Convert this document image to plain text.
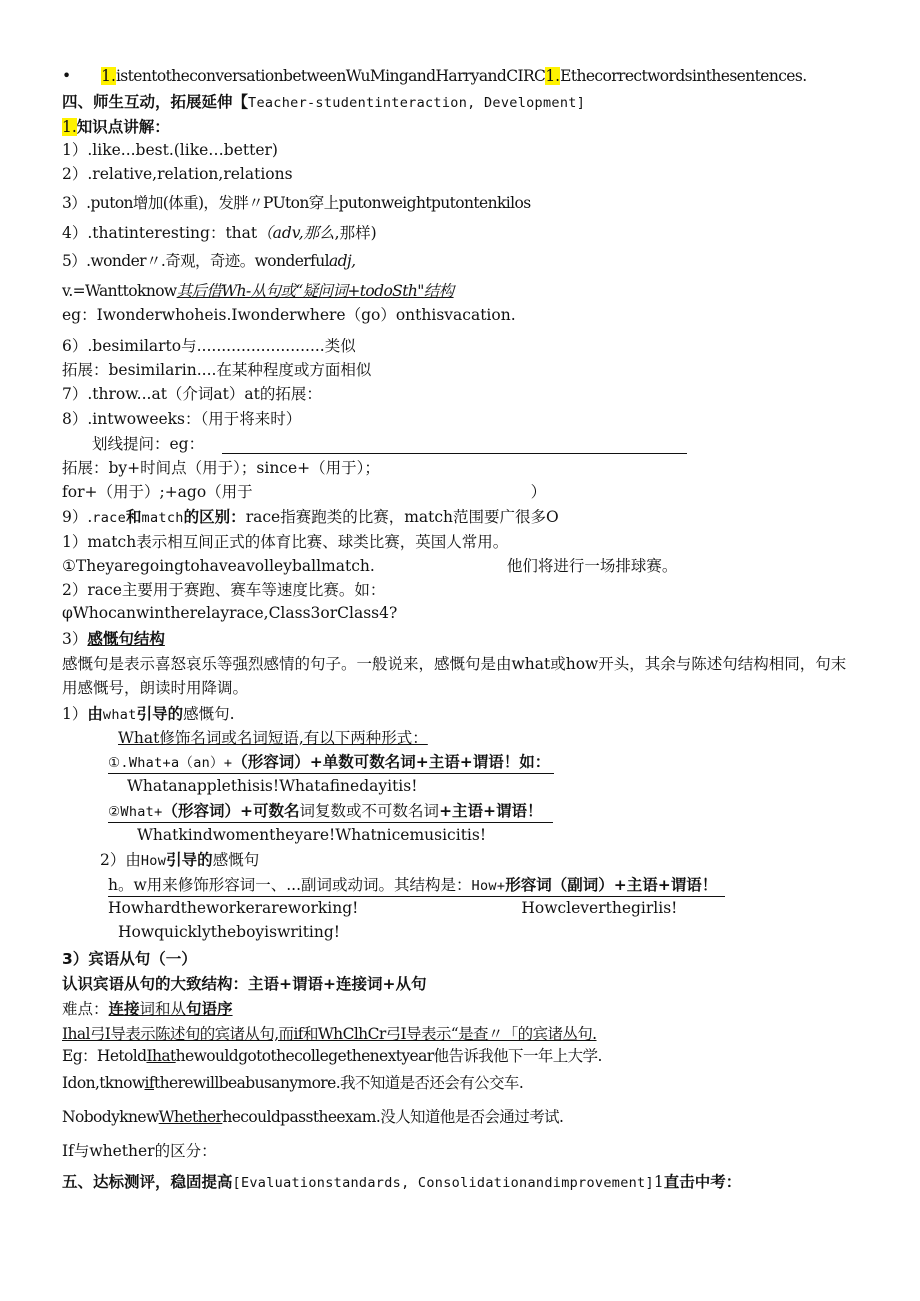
• 1.istentotheconversationbetweenWuMingandHarryandCIRC1.Ethecorrectwordsinthesentences.
四、师生互动，拓展延伸【Teacher-studentinteraction, Development]
1.知识点讲解：
1）.like...best.(like…better)
2）.relative,relation,relations
3）.puton增加(体重)，发胖〃PUton穿上putonweightputontenkilos
4）.thatinteresting：that（adv,那么,那样)
5）.wonder〃.奇观，奇迹。wonderfuladj,
v.=Wanttoknow其后借Wh-从句或“疑问词+todoSth"结构
eg：Iwonderwhoheis.Iwonderwhere（go）onthisvacation.
6）.besimilarto与..........................类似
拓展：besimilarin....在某种程度或方面相似
7）.throw...at（介词at）at的拓展：
8）.intwoweeks：（用于将来时）
划线提问：eg：
拓展：by+时间点（用于）；since+（用于）；
for+（用于）;+ago（用于	）
9）.race和match的区别：race指赛跑类的比赛，match范围要广很多O
1）match表示相互间正式的体育比赛、球类比赛，英国人常用。
①Theyaregoingtohaveavolleyballmatch.	他们将进行一场排球赛。
2）race主要用于赛跑、赛车等速度比赛。如：
φWhocanwintherelayrace,Class3orClass4?
3）感慨句结构
感慨句是表示喜怒哀乐等强烈感情的句子。一般说来，感慨句是由what或how开头，其余与陈述句结构相同，句末用感慨号，朗读时用降调。
1）由what引导的感慨句.
What修饰名词或名词短语,有以下两种形式：
①.What+a（an）+（形容词）+单数可数名词+主语+谓语！如：
Whatanapplethisis!Whatafinedayitis!
②What+（形容词）+可数名词复数或不可数名词+主语+谓语！
Whatkindwomentheyare!Whatnicemusicitis!
2）由How引导的感慨句
h。w用来修饰形容词一、...副词或动词。其结构是：How+形容词（副词）+主语+谓语！
Howhardtheworkerareworking!	Howcleverthegirlis!
Howquicklytheboyiswriting!
3）宾语从句（一）
认识宾语从句的大致结构：主语+谓语+连接词+从句
难点：连接词和从句语序
Ihal弓I导表示陈述旬的宾诸从句,而if和WhClhCr弓I导表示“是查〃「的宾诸丛句.
Eg：HetoldIhathewouldgotothecollegethenextyear他告诉我他下一年上大学.
Idon,tknowiftherewillbeabusanymore.我不知道是否还会有公交车.
NobodyknewWhetherhecouldpasstheexam.没人知道他是否会通过考试.
If与whether的区分：
五、达标测评，稳固提高[Evaluationstandards, Consolidationandimprovement]1直击中考：
